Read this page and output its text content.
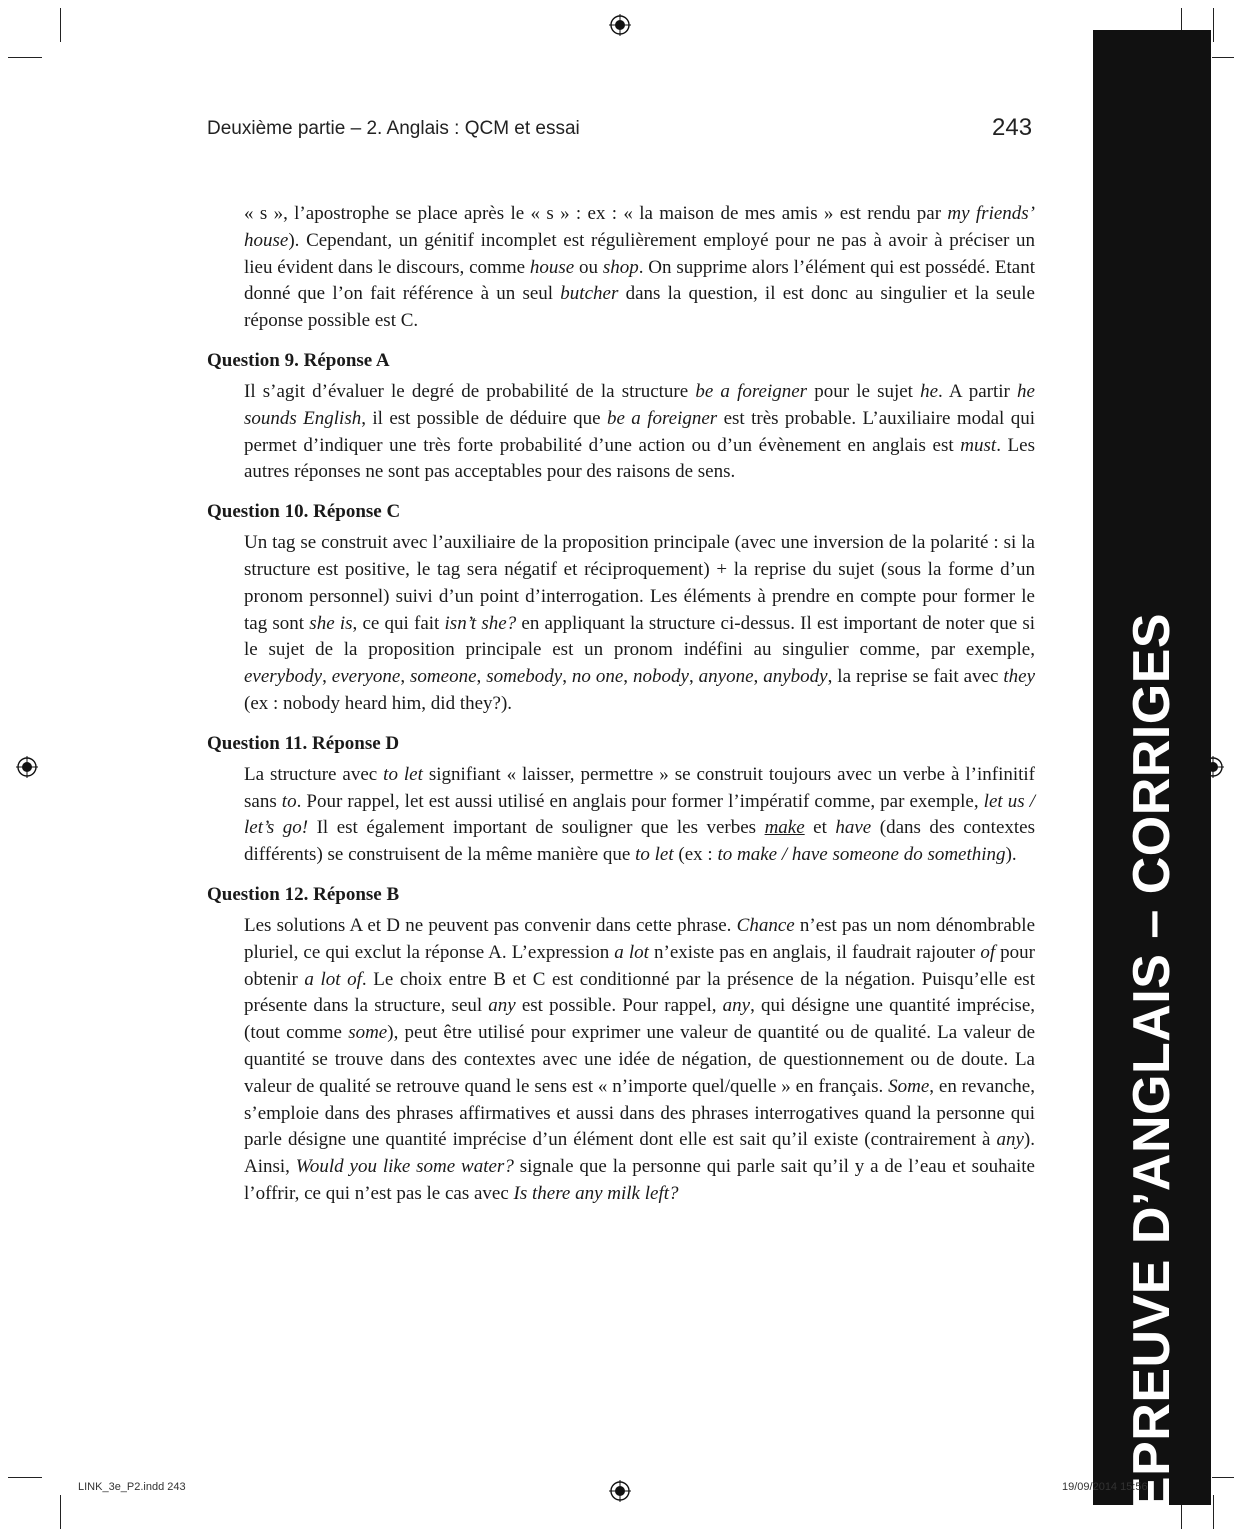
Deuxième partie – 2. Anglais : QCM et essai	243
EPREUVE D’ANGLAIS – CORRIGES

« s », l’apostrophe se place après le « s » : ex : « la maison de mes amis » est rendu par my friends’ house). Cependant, un génitif incomplet est régulièrement employé pour ne pas à avoir à préciser un lieu évident dans le discours, comme house ou shop. On supprime alors l’élément qui est possédé. Etant donné que l’on fait référence à un seul butcher dans la question, il est donc au singulier et la seule réponse possible est C.

Question 9. Réponse A

Il s’agit d’évaluer le degré de probabilité de la structure be a foreigner pour le sujet he. A partir he sounds English, il est possible de déduire que be a foreigner est très probable. L’auxiliaire modal qui permet d’indiquer une très forte probabilité d’une action ou d’un évènement en anglais est must. Les autres réponses ne sont pas acceptables pour des raisons de sens.

Question 10. Réponse C

Un tag se construit avec l’auxiliaire de la proposition principale (avec une inversion de la polarité : si la structure est positive, le tag sera négatif et réciproquement) + la reprise du sujet (sous la forme d’un pronom personnel) suivi d’un point d’interrogation. Les éléments à prendre en compte pour former le tag sont she is, ce qui fait isn’t she? en appliquant la structure ci-dessus. Il est important de noter que si le sujet de la proposition principale est un pronom indéfini au singulier comme, par exemple, everybody, everyone, someone, somebody, no one, nobody, anyone, anybody, la reprise se fait avec they (ex : nobody heard him, did they?).

Question 11. Réponse D

La structure avec to let signifiant « laisser, permettre » se construit toujours avec un verbe à l’infinitif sans to. Pour rappel, let est aussi utilisé en anglais pour former l’impératif comme, par exemple, let us / let’s go! Il est également important de souligner que les verbes make et have (dans des contextes différents) se construisent de la même manière que to let (ex : to make / have someone do something).

Question 12. Réponse B

Les solutions A et D ne peuvent pas convenir dans cette phrase. Chance n’est pas un nom dénombrable pluriel, ce qui exclut la réponse A. L’expression a lot n’existe pas en anglais, il faudrait rajouter of pour obtenir a lot of. Le choix entre B et C est conditionné par la présence de la négation. Puisqu’elle est présente dans la structure, seul any est possible. Pour rappel, any, qui désigne une quantité imprécise, (tout comme some), peut être utilisé pour exprimer une valeur de quantité ou de qualité. La valeur de quantité se trouve dans des contextes avec une idée de négation, de questionnement ou de doute. La valeur de qualité se retrouve quand le sens est « n’importe quel/quelle » en français. Some, en revanche, s’emploie dans des phrases affirmatives et aussi dans des phrases interrogatives quand la personne qui parle désigne une quantité imprécise d’un élément dont elle est sait qu’il existe (contrairement à any). Ainsi, Would you like some water? signale que la personne qui parle sait qu’il y a de l’eau et souhaite l’offrir, ce qui n’est pas le cas avec Is there any milk left?

LINK_3e_P2.indd 243	19/09/2014 15:56
